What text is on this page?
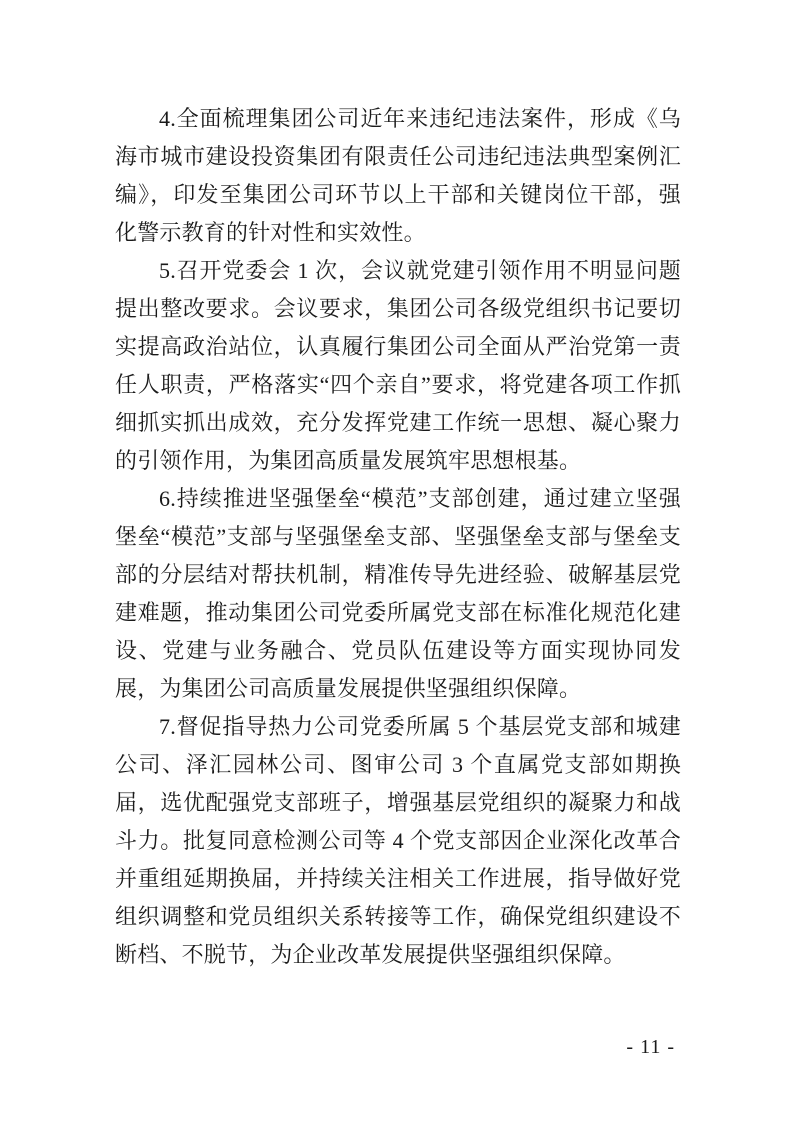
4.全面梳理集团公司近年来违纪违法案件，形成《乌海市城市建设投资集团有限责任公司违纪违法典型案例汇编》，印发至集团公司环节以上干部和关键岗位干部，强化警示教育的针对性和实效性。

5.召开党委会 1 次，会议就党建引领作用不明显问题提出整改要求。会议要求，集团公司各级党组织书记要切实提高政治站位，认真履行集团公司全面从严治党第一责任人职责，严格落实“四个亲自”要求，将党建各项工作抓细抓实抓出成效，充分发挥党建工作统一思想、凝心聚力的引领作用，为集团高质量发展筑牢思想根基。

6.持续推进坚强堡垒“模范”支部创建，通过建立坚强堡垒“模范”支部与坚强堡垒支部、坚强堡垒支部与堡垒支部的分层结对帮扶机制，精准传导先进经验、破解基层党建难题，推动集团公司党委所属党支部在标准化规范化建设、党建与业务融合、党员队伍建设等方面实现协同发展，为集团公司高质量发展提供坚强组织保障。

7.督促指导热力公司党委所属 5 个基层党支部和城建公司、泽汇园林公司、图审公司 3 个直属党支部如期换届，选优配强党支部班子，增强基层党组织的凝聚力和战斗力。批复同意检测公司等 4 个党支部因企业深化改革合并重组延期换届，并持续关注相关工作进展，指导做好党组织调整和党员组织关系转接等工作，确保党组织建设不断档、不脱节，为企业改革发展提供坚强组织保障。

- 11 -
